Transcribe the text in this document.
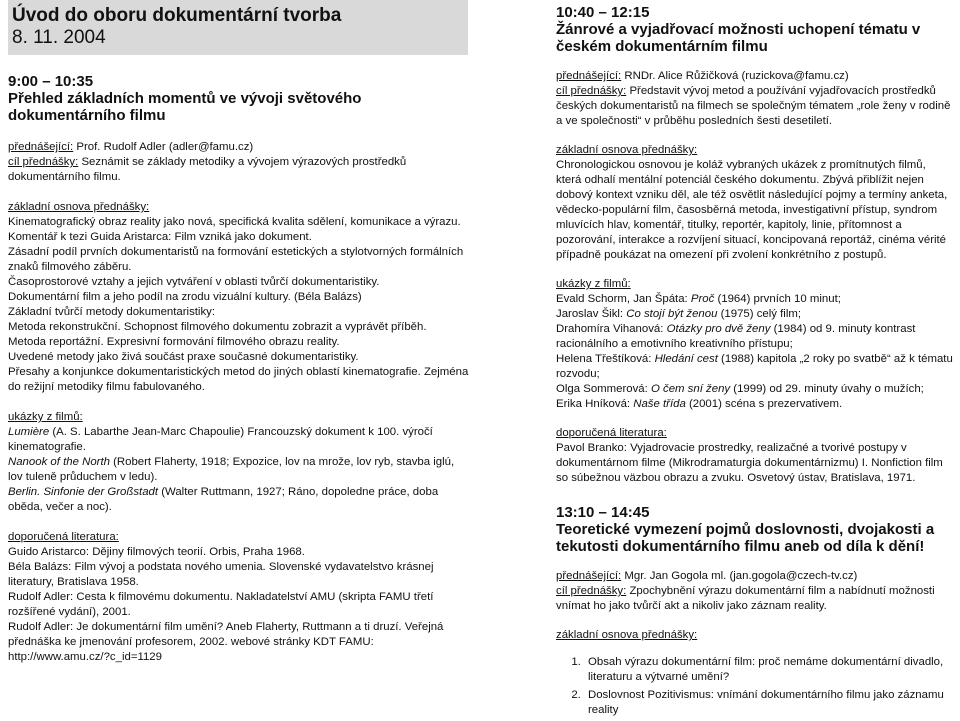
Úvod do oboru dokumentární tvorba
8. 11. 2004
9:00 – 10:35
Přehled základních momentů ve vývoji světového dokumentárního filmu
přednášející: Prof. Rudolf Adler (adler@famu.cz)
cíl přednášky: Seznámit se základy metodiky a vývojem výrazových prostředků dokumentárního filmu.
základní osnova přednášky:
Kinematografický obraz reality jako nová, specifická kvalita sdělení, komunikace a výrazu.
Komentář k tezi Guida Aristarca: Film vzniká jako dokument.
Zásadní podíl prvních dokumentaristů na formování estetických a stylotvorných formálních znaků filmového záběru.
Časoprostorové vztahy a jejich vytváření v oblasti tvůrčí dokumentaristiky.
Dokumentární film a jeho podíl na zrodu vizuální kultury. (Béla Balázs)
Základní tvůrčí metody dokumentaristiky:
Metoda rekonstrukční. Schopnost filmového dokumentu zobrazit a vyprávět příběh.
Metoda reportážní. Expresivní formování filmového obrazu reality.
Uvedené metody jako živá součást praxe současné dokumentaristiky.
Přesahy a konjunkce dokumentaristických metod do jiných oblastí kinematografie. Zejména do režijní metodiky filmu fabulovaného.
ukázky z filmů:
Lumière (A. S. Labarthe Jean-Marc Chapoulie) Francouzský dokument k 100. výročí kinematografie.
Nanook of the North (Robert Flaherty, 1918; Expozice, lov na mrože, lov ryb, stavba iglú, lov tuleně průduchem v ledu).
Berlin. Sinfonie der Großstadt (Walter Ruttmann, 1927; Ráno, dopoledne práce, doba oběda, večer a noc).
doporučená literatura:
Guido Aristarco: Dějiny filmových teorií. Orbis, Praha 1968.
Béla Balázs: Film vývoj a podstata nového umenia. Slovenské vydavatelstvo krásnej literatury, Bratislava 1958.
Rudolf Adler: Cesta k filmovému dokumentu. Nakladatelství AMU (skripta FAMU třetí rozšířené vydání), 2001.
Rudolf Adler: Je dokumentární film umění? Aneb Flaherty, Ruttmann a ti druzí. Veřejná přednáška ke jmenování profesorem, 2002. webové stránky KDT FAMU: http://www.amu.cz/?c_id=1129
10:40 – 12:15
Žánrové a vyjadřovací možnosti uchopení tématu v českém dokumentárním filmu
přednášející: RNDr. Alice Růžičková (ruzickova@famu.cz)
cíl přednášky: Představit vývoj metod a používání vyjadřovacích prostředků českých dokumentaristů na filmech se společným tématem „role ženy v rodině a ve společnosti“ v průběhu posledních šesti desetiletí.
základní osnova přednášky:
Chronologickou osnovou je koláž vybraných ukázek z promítnutých filmů, která odhalí mentální potenciál českého dokumentu. Zbývá přiblížit nejen dobový kontext vzniku děl, ale též osvětlit následující pojmy a termíny anketa, vědecko-populární film, časosběrná metoda, investigativní přístup, syndrom mluvících hlav, komentář, titulky, reportér, kapitoly, linie, přítomnost a pozorování, interakce a rozvíjení situací, koncipovaná reportáž, cinéma vérité případně poukázat na omezení při zvolení konkrétního z postupů.
ukázky z filmů:
Evald Schorm, Jan Špáta: Proč (1964) prvních 10 minut;
Jaroslav Šikl: Co stojí být ženou (1975) celý film;
Drahomíra Vihanová: Otázky pro dvě ženy (1984) od 9. minuty kontrast racionálního a emotivního kreativního přístupu;
Helena Třeštíková: Hledání cest (1988) kapitola „2 roky po svatbě“ až k tématu rozvodu;
Olga Sommerová: O čem sní ženy (1999) od 29. minuty úvahy o mužích;
Erika Hníková: Naše třída (2001) scéna s prezervativem.
doporučená literatura:
Pavol Branko: Vyjadrovacie prostredky, realizačné a tvorivé postupy v dokumentárnom filme (Mikrodramaturgia dokumentárnizmu) I. Nonfiction film so súbežnou väzbou obrazu a zvuku. Osvetový ústav, Bratislava, 1971.
13:10 – 14:45
Teoretické vymezení pojmů doslovnosti, dvojakosti a tekutosti dokumentárního filmu aneb od díla k dění!
přednášející: Mgr. Jan Gogola ml. (jan.gogola@czech-tv.cz)
cíl přednášky: Zpochybnění výrazu dokumentární film a nabídnutí možnosti vnímat ho jako tvůrčí akt a nikoliv jako záznam reality.
základní osnova přednášky:
1. Obsah výrazu dokumentární film: proč nemáme dokumentární divadlo, literaturu a výtvarné umění?
2. Doslovnost Pozitivismus: vnímání dokumentárního filmu jako záznamu reality
